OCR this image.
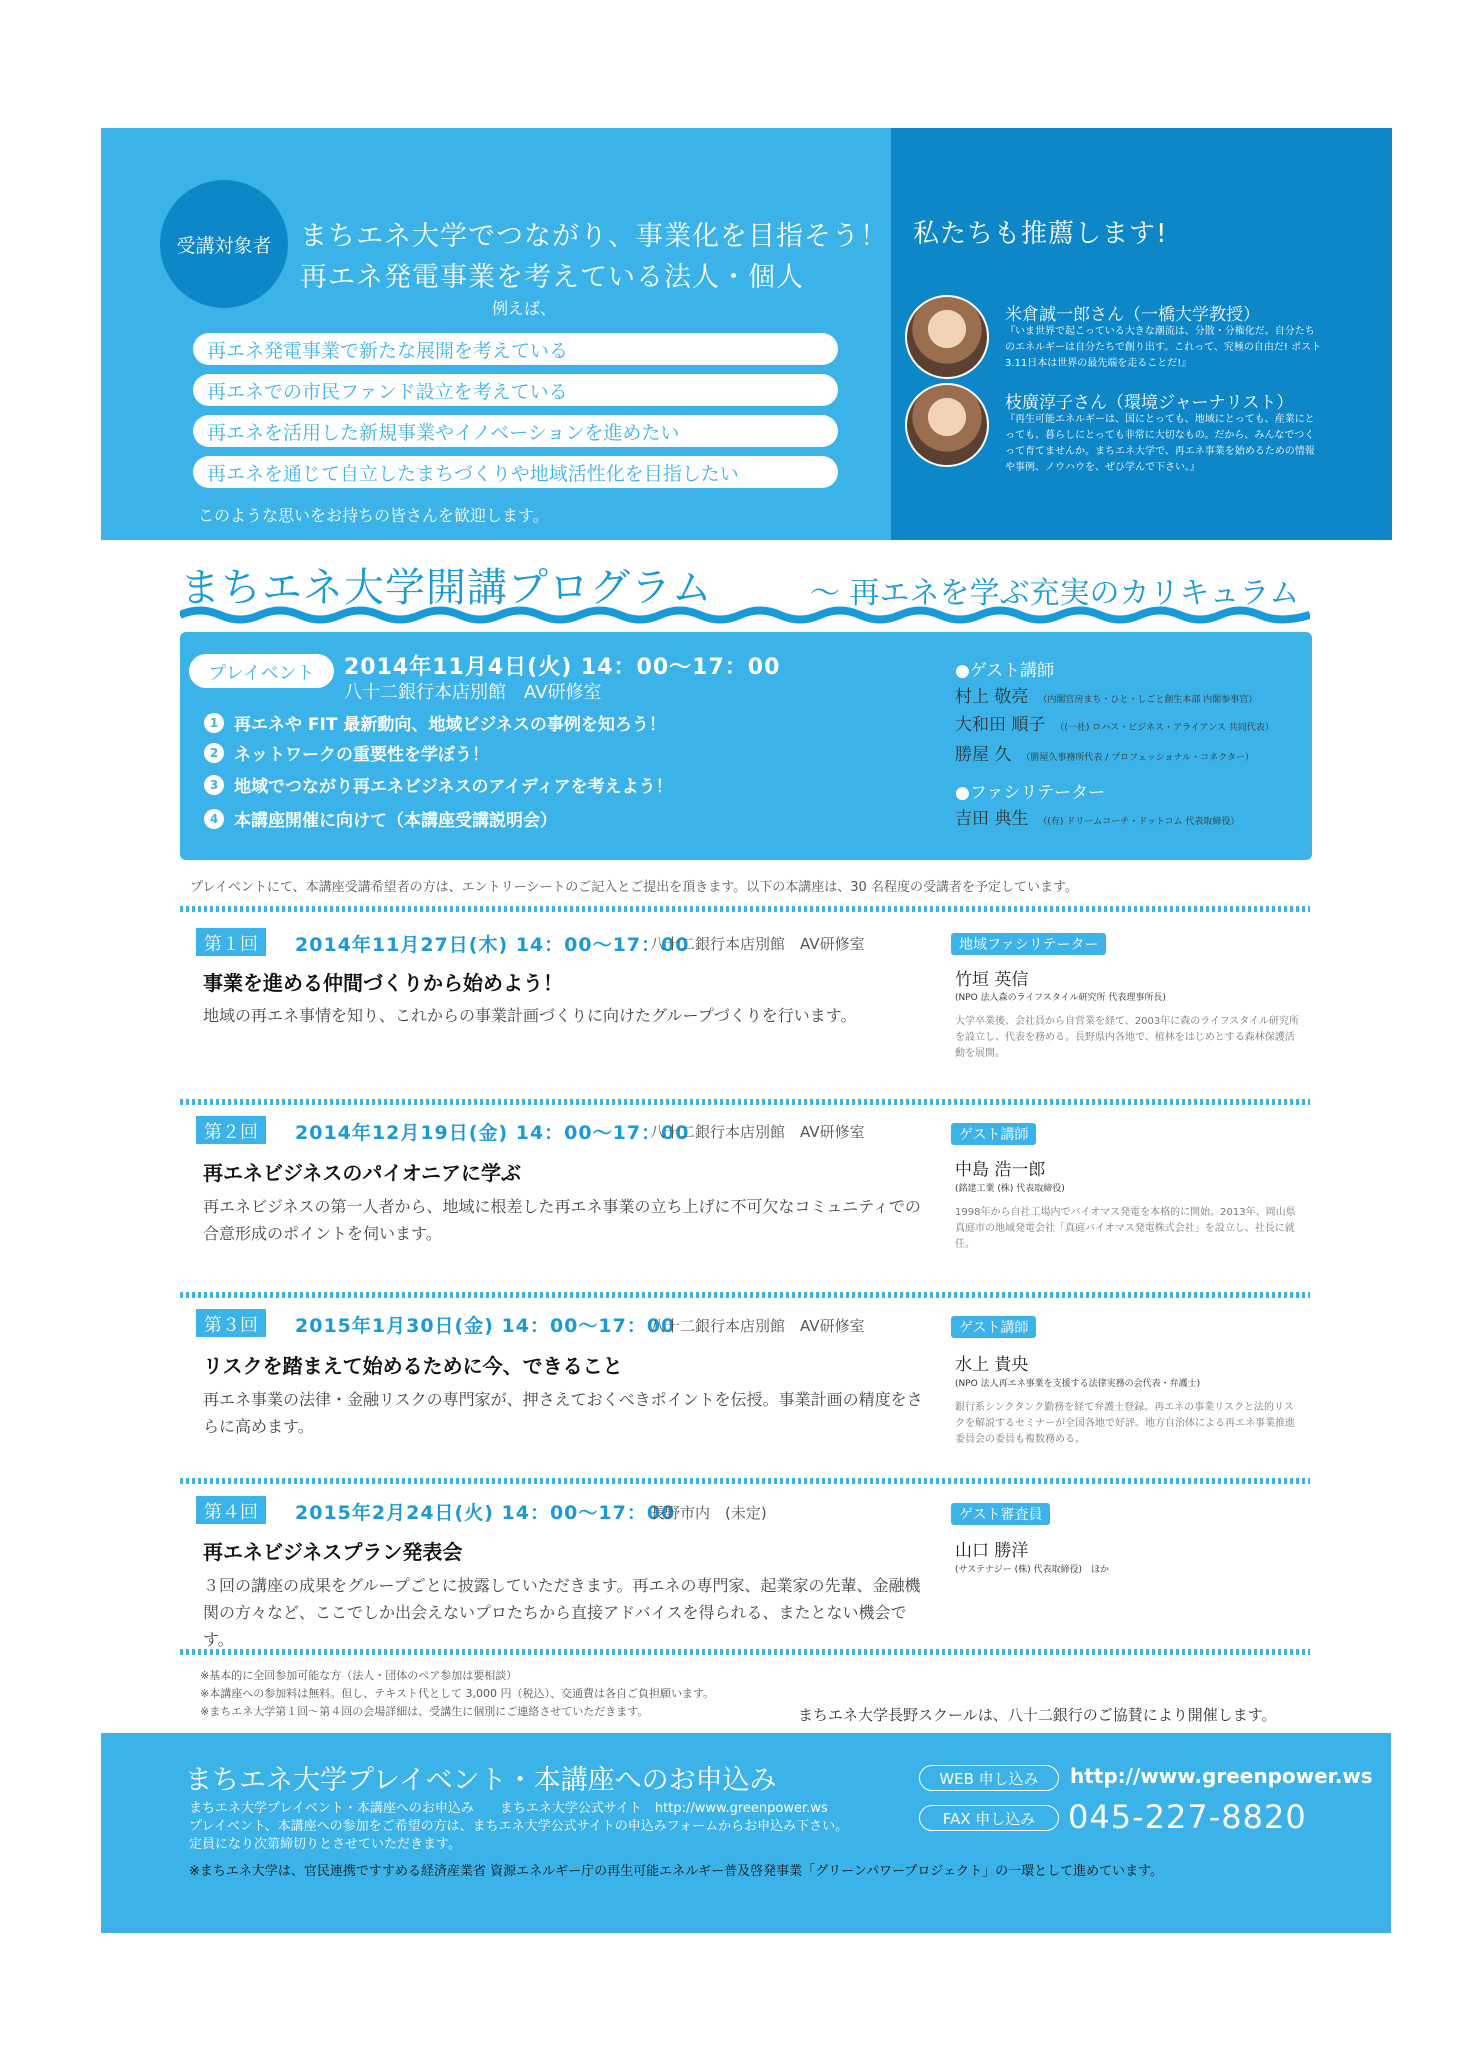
受講対象者	まちエネ大学でつながり、事業化を目指そう！
再エネ発電事業を考えている法人・個人
例えば、
再エネ発電事業で新たな展開を考えている
再エネでの市民ファンド設立を考えている
再エネを活用した新規事業やイノベーションを進めたい
再エネを通じて自立したまちづくりや地域活性化を目指したい
このような思いをお持ちの皆さんを歓迎します。
私たちも推薦します!
米倉誠一郎さん（一橋大学教授）
『いま世界で起こっている大きな潮流は、分散・分権化だ。自分たちのエネルギーは自分たちで創り出す。これって、究極の自由だ! ポスト3.11日本は世界の最先端を走ることだ!』
枝廣淳子さん（環境ジャーナリスト）
『再生可能エネルギーは、国にとっても、地域にとっても、産業にとっても、暮らしにとっても非常に大切なもの。だから、みんなでつくって育てませんか。まちエネ大学で、再エネ事業を始めるための情報や事例、ノウハウを、ぜひ学んで下さい。』
まちエネ大学開講プログラム	～ 再エネを学ぶ充実のカリキュラム
プレイベント	2014年11月4日(火) 14：00～17：00
八十二銀行本店別館　AV研修室
1 再エネや FIT 最新動向、地域ビジネスの事例を知ろう！
2 ネットワークの重要性を学ぼう！
3 地域でつながり再エネビジネスのアイディアを考えよう！
4 本講座開催に向けて（本講座受講説明会）
●ゲスト講師
村上 敬亮 （内閣官房まち・ひと・しごと創生本部 内閣参事官）
大和田 順子 （(一社) ロハス・ビジネス・アライアンス 共同代表）
勝屋 久 （勝屋久事務所代表 / プロフェッショナル・コネクター）
●ファシリテーター
吉田 典生 （(有) ドリームコーチ・ドットコム 代表取締役）
プレイベントにて、本講座受講希望者の方は、エントリーシートのご記入とご提出を頂きます。以下の本講座は、30 名程度の受講者を予定しています。
第１回	2014年11月27日(木) 14：00～17：00
八十二銀行本店別館　AV研修室
事業を進める仲間づくりから始めよう！
地域の再エネ事情を知り、これからの事業計画づくりに向けたグループづくりを行います。
地域ファシリテーター
竹垣 英信
(NPO 法人森のライフスタイル研究所 代表理事所長)
大学卒業後、会社員から自営業を経て、2003年に森のライフスタイル研究所を設立し、代表を務める。長野県内各地で、植林をはじめとする森林保護活動を展開。
第２回	2014年12月19日(金) 14：00～17：00
八十二銀行本店別館　AV研修室
再エネビジネスのパイオニアに学ぶ
再エネビジネスの第一人者から、地域に根差した再エネ事業の立ち上げに不可欠なコミュニティでの合意形成のポイントを伺います。
ゲスト講師
中島 浩一郎
(銘建工業 (株) 代表取締役)
1998年から自社工場内でバイオマス発電を本格的に開始。2013年、岡山県真庭市の地域発電会社「真庭バイオマス発電株式会社」を設立し、社長に就任。
第３回	2015年1月30日(金) 14：00～17：00
八十二銀行本店別館　AV研修室
リスクを踏まえて始めるために今、できること
再エネ事業の法律・金融リスクの専門家が、押さえておくべきポイントを伝授。事業計画の精度をさらに高めます。
ゲスト講師
水上 貴央
(NPO 法人再エネ事業を支援する法律実務の会代表・弁護士)
銀行系シンクタンク勤務を経て弁護士登録。再エネの事業リスクと法的リスクを解説するセミナーが全国各地で好評。地方自治体による再エネ事業推進委員会の委員も複数務める。
第４回	2015年2月24日(火) 14：00～17：00
長野市内　(未定)
再エネビジネスプラン発表会
３回の講座の成果をグループごとに披露していただきます。再エネの専門家、起業家の先輩、金融機関の方々など、ここでしか出会えないプロたちから直接アドバイスを得られる、またとない機会です。
ゲスト審査員
山口 勝洋
(サステナジー (株) 代表取締役)　ほか
※基本的に全回参加可能な方（法人・団体のペア参加は要相談）
※本講座への参加料は無料。但し、テキスト代として 3,000 円（税込）、交通費は各自ご負担願います。
※まちエネ大学第１回～第４回の会場詳細は、受講生に個別にご連絡させていただきます。	まちエネ大学長野スクールは、八十二銀行のご協賛により開催します。
まちエネ大学プレイベント・本講座へのお申込み
まちエネ大学プレイベント・本講座へのお申込み　　まちエネ大学公式サイト　http://www.greenpower.ws
プレイベント、本講座への参加をご希望の方は、まちエネ大学公式サイトの申込みフォームからお申込み下さい。
定員になり次第締切りとさせていただきます。
※まちエネ大学は、官民連携ですすめる経済産業省 資源エネルギー庁の再生可能エネルギー普及啓発事業「グリーンパワープロジェクト」の一環として進めています。
WEB 申し込み	http://www.greenpower.ws
FAX 申し込み	045-227-8820
